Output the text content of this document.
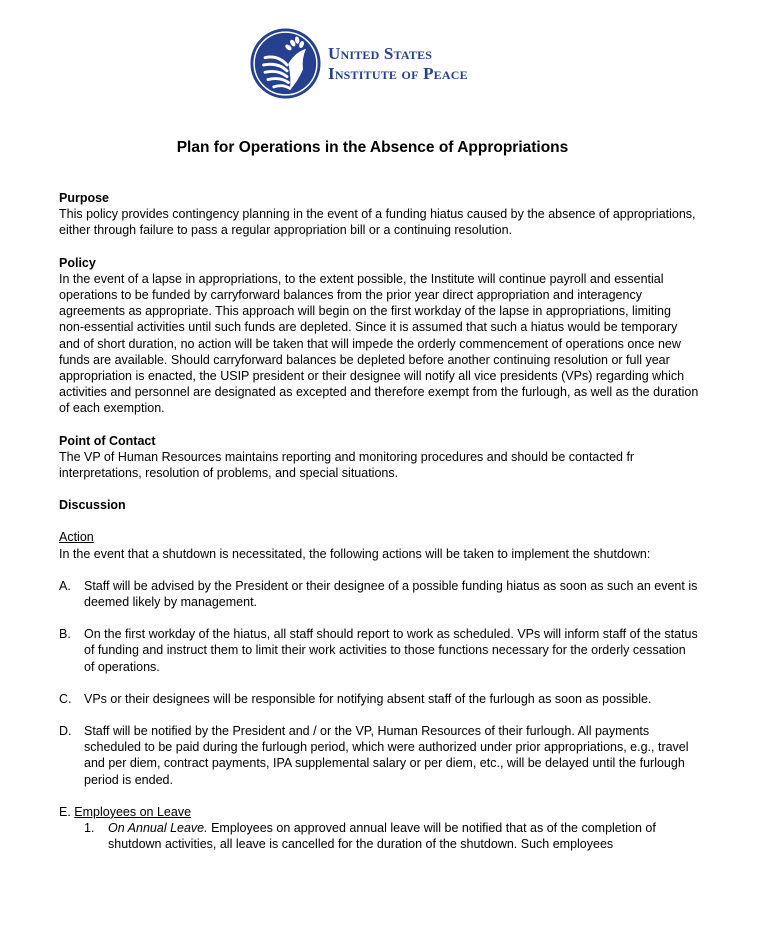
United States
Institute of Peace
Plan for Operations in the Absence of Appropriations
Purpose

This policy provides contingency planning in the event of a funding hiatus caused by the absence of appropriations, either through failure to pass a regular appropriation bill or a continuing resolution.

Policy

In the event of a lapse in appropriations, to the extent possible, the Institute will continue payroll and essential operations to be funded by carryforward balances from the prior year direct appropriation and interagency agreements as appropriate. This approach will begin on the first workday of the lapse in appropriations, limiting non-essential activities until such funds are depleted. Since it is assumed that such a hiatus would be temporary and of short duration, no action will be taken that will impede the orderly commencement of operations once new funds are available. Should carryforward balances be depleted before another continuing resolution or full year appropriation is enacted, the USIP president or their designee will notify all vice presidents (VPs) regarding which activities and personnel are designated as excepted and therefore exempt from the furlough, as well as the duration of each exemption.

Point of Contact

The VP of Human Resources maintains reporting and monitoring procedures and should be contacted fr interpretations, resolution of problems, and special situations.

Discussion
Action

In the event that a shutdown is necessitated, the following actions will be taken to implement the shutdown:

A.	Staff will be advised by the President or their designee of a possible funding hiatus as soon as such an event is deemed likely by management.
B.	On the first workday of the hiatus, all staff should report to work as scheduled. VPs will inform staff of the status of funding and instruct them to limit their work activities to those functions necessary for the orderly cessation of operations.
C.	VPs or their designees will be responsible for notifying absent staff of the furlough as soon as possible.
D.	Staff will be notified by the President and / or the VP, Human Resources of their furlough. All payments scheduled to be paid during the furlough period, which were authorized under prior appropriations, e.g., travel and per diem, contract payments, IPA supplemental salary or per diem, etc., will be delayed until the furlough period is ended.
E. Employees on Leave
1.	On Annual Leave. Employees on approved annual leave will be notified that as of the completion of shutdown activities, all leave is cancelled for the duration of the shutdown. Such employees
